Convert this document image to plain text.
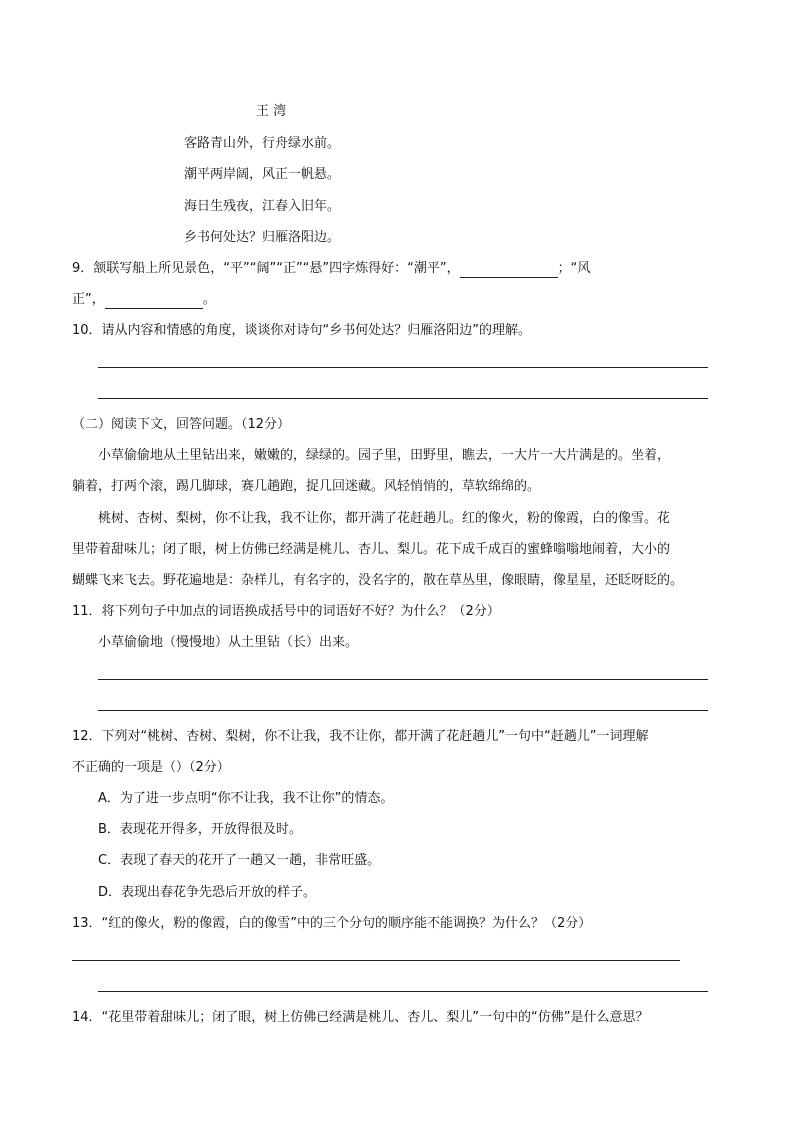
王 湾
客路青山外，行舟绿水前。
潮平两岸阔，风正一帆悬。
海日生残夜，江春入旧年。
乡书何处达？归雁洛阳边。
9．颔联写船上所见景色，“平”“阔”“正”“悬”四字炼得好：“潮平”，	；“风
正”，	。
10．请从内容和情感的角度，谈谈你对诗句“乡书何处达？归雁洛阳边”的理解。
（二）阅读下文，回答问题。（12分）
小草偷偷地从土里钻出来，嫩嫩的，绿绿的。园子里，田野里，瞧去，一大片一大片满是的。坐着，
躺着，打两个滚，踢几脚球，赛几趟跑，捉几回迷藏。风轻悄悄的，草软绵绵的。
桃树、杏树、梨树，你不让我，我不让你，都开满了花赶趟儿。红的像火，粉的像霞，白的像雪。花
里带着甜味儿；闭了眼，树上仿佛已经满是桃儿、杏儿、梨儿。花下成千成百的蜜蜂嗡嗡地闹着，大小的
蝴蝶飞来飞去。野花遍地是：杂样儿，有名字的，没名字的，散在草丛里，像眼睛，像星星，还眨呀眨的。
11．将下列句子中加点的词语换成括号中的词语好不好？为什么？（2分）
小草偷偷地（慢慢地）从土里钻（长）出来。
12．下列对“桃树、杏树、梨树，你不让我，我不让你，都开满了花赶趟儿”一句中“赶趟儿”一词理解
不正确的一项是（）（2分）
A．为了进一步点明“你不让我，我不让你”的情态。
B．表现花开得多，开放得很及时。
C．表现了春天的花开了一趟又一趟，非常旺盛。
D．表现出春花争先恐后开放的样子。
13．“红的像火，粉的像霞，白的像雪”中的三个分句的顺序能不能调换？为什么？（2分）
14．“花里带着甜味儿；闭了眼，树上仿佛已经满是桃儿、杏儿、梨儿”一句中的“仿佛”是什么意思？
